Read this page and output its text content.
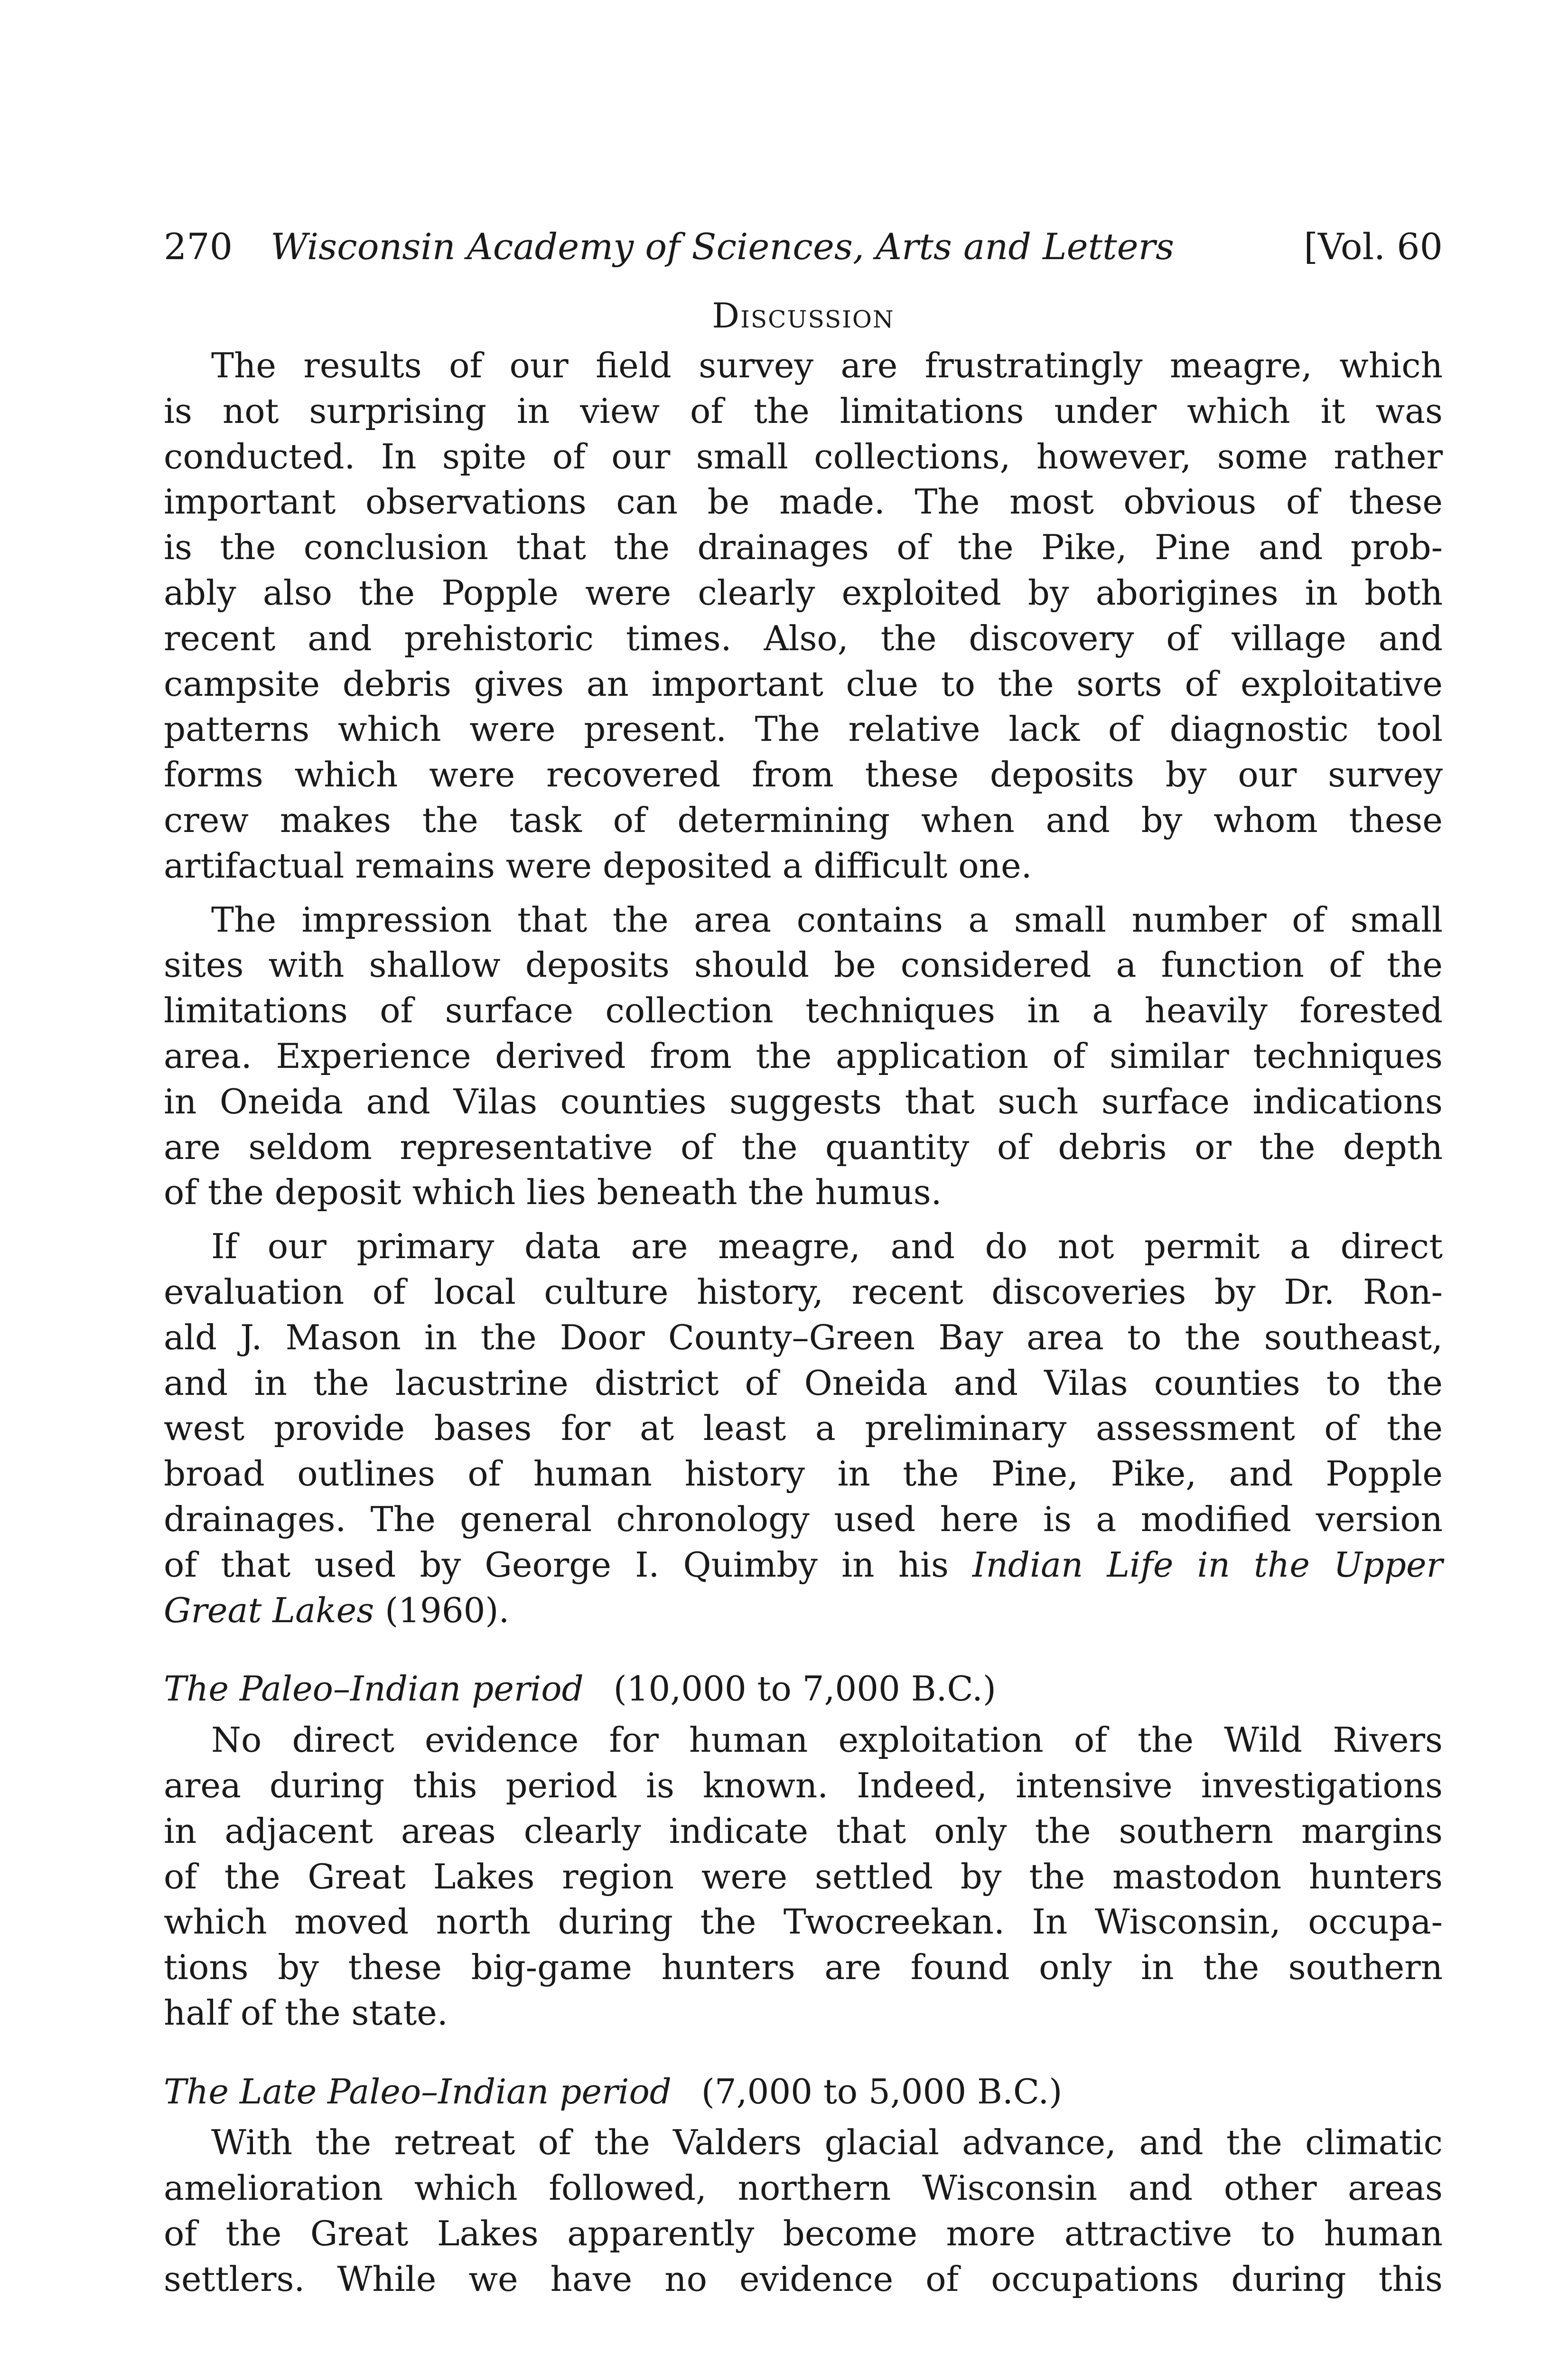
270 Wisconsin Academy of Sciences, Arts and Letters	[Vol. 60
Discussion
The results of our field survey are frustratingly meagre, which
is not surprising in view of the limitations under which it was
conducted. In spite of our small collections, however, some rather
important observations can be made. The most obvious of these
is the conclusion that the drainages of the Pike, Pine and prob-
ably also the Popple were clearly exploited by aborigines in both
recent and prehistoric times. Also, the discovery of village and
campsite debris gives an important clue to the sorts of exploitative
patterns which were present. The relative lack of diagnostic tool
forms which were recovered from these deposits by our survey
crew makes the task of determining when and by whom these
artifactual remains were deposited a difficult one.
The impression that the area contains a small number of small
sites with shallow deposits should be considered a function of the
limitations of surface collection techniques in a heavily forested
area. Experience derived from the application of similar techniques
in Oneida and Vilas counties suggests that such surface indications
are seldom representative of the quantity of debris or the depth
of the deposit which lies beneath the humus.
If our primary data are meagre, and do not permit a direct
evaluation of local culture history, recent discoveries by Dr. Ron-
ald J. Mason in the Door County–Green Bay area to the southeast,
and in the lacustrine district of Oneida and Vilas counties to the
west provide bases for at least a preliminary assessment of the
broad outlines of human history in the Pine, Pike, and Popple
drainages. The general chronology used here is a modified version
of that used by George I. Quimby in his Indian Life in the Upper
Great Lakes (1960).
The Paleo–Indian period (10,000 to 7,000 B.C.)
No direct evidence for human exploitation of the Wild Rivers
area during this period is known. Indeed, intensive investigations
in adjacent areas clearly indicate that only the southern margins
of the Great Lakes region were settled by the mastodon hunters
which moved north during the Twocreekan. In Wisconsin, occupa-
tions by these big-game hunters are found only in the southern
half of the state.
The Late Paleo–Indian period (7,000 to 5,000 B.C.)
With the retreat of the Valders glacial advance, and the climatic
amelioration which followed, northern Wisconsin and other areas
of the Great Lakes apparently become more attractive to human
settlers. While we have no evidence of occupations during this
